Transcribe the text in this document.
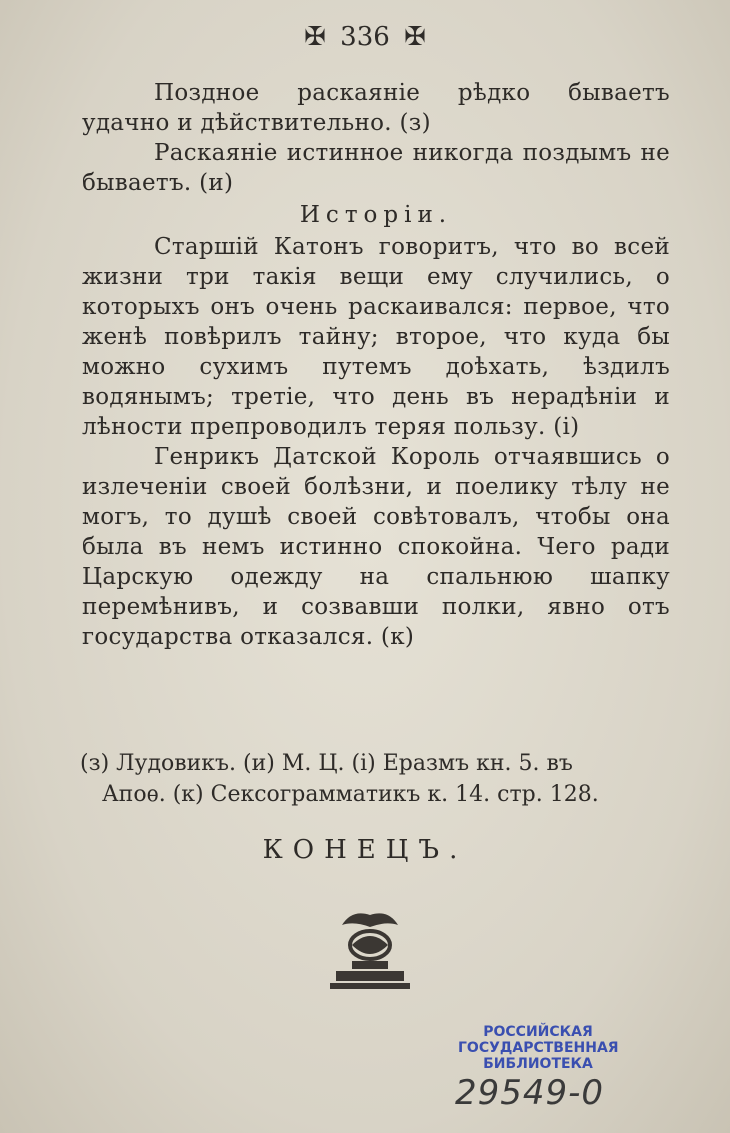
✠ 336 ✠

Поздное раскаяніе рѣдко бываетъ удачно и дѣйствительно. (з)

Раскаяніе истинное никогда поздымъ не бываетъ. (и)

Исторіи.

Старшій Катонъ говоритъ, что во всей жизни три такія вещи ему случились, о которыхъ онъ очень раскаивался: первое, что женѣ повѣрилъ тайну; второе, что куда бы можно сухимъ путемъ доѣхать, ѣздилъ водянымъ; третіе, что день въ нерадѣніи и лѣности препроводилъ теряя пользу. (і)

Генрикъ Датской Король отчаявшись о излеченіи своей болѣзни, и поелику тѣлу не могъ, то душѣ своей совѣтовалъ, чтобы она была въ немъ истинно спокойна. Чего ради Царскую одежду на спальнюю шапку перемѣнивъ, и созвавши полки, явно отъ государства отказался. (к)

(з) Лудовикъ. (и) М. Ц. (і) Еразмъ кн. 5. въ
Апоѳ. (к) Сексограмматикъ к. 14. стр. 128.
КОНЕЦЪ.
РОССИЙСКАЯ
ГОСУДАРСТВЕННАЯ
БИБЛИОТЕКА
29549-0
